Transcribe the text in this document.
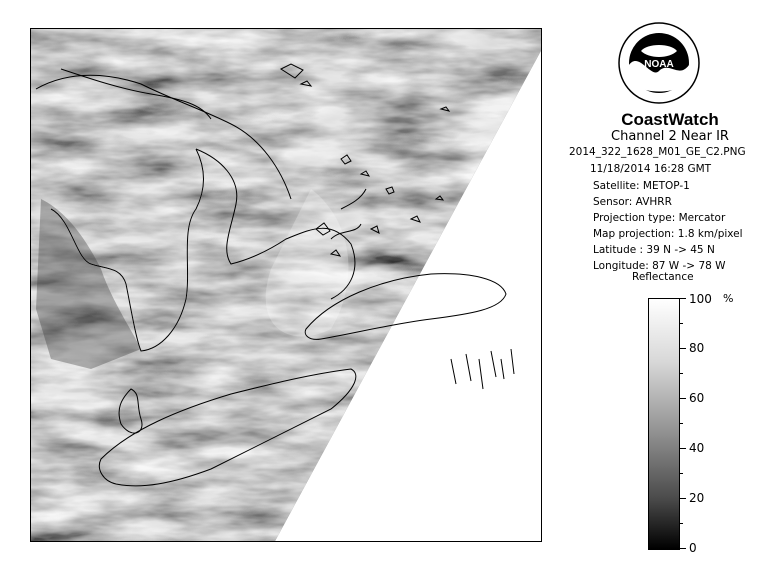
NOAA
CoastWatch
Channel 2 Near IR
2014_322_1628_M01_GE_C2.PNG
11/18/2014 16:28 GMT
Satellite: METOP-1
Sensor: AVHRR
Projection type: Mercator
Map projection: 1.8 km/pixel
Latitude : 39 N -> 45 N
Longitude: 87 W -> 78 W
Reflectance
%
100
80
60
40
20
0
